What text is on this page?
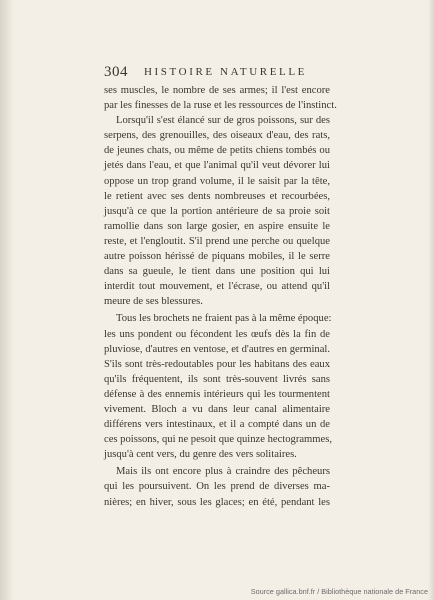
304 HISTOIRE NATURELLE
ses muscles, le nombre de ses armes; il l'est encore
par les finesses de la ruse et les ressources de l'instinct.
Lorsqu'il s'est élancé sur de gros poissons, sur des
serpens, des grenouilles, des oiseaux d'eau, des rats,
de jeunes chats, ou même de petits chiens tombés ou
jetés dans l'eau, et que l'animal qu'il veut dévorer lui
oppose un trop grand volume, il le saisit par la tête,
le retient avec ses dents nombreuses et recourbées,
jusqu'à ce que la portion antérieure de sa proie soit
ramollie dans son large gosier, en aspire ensuite le
reste, et l'engloutit. S'il prend une perche ou quelque
autre poisson hérissé de piquans mobiles, il le serre
dans sa gueule, le tient dans une position qui lui
interdit tout mouvement, et l'écrase, ou attend qu'il
meure de ses blessures.
Tous les brochets ne fraient pas à la même époque:
les uns pondent ou fécondent les œufs dès la fin de
pluviose, d'autres en ventose, et d'autres en germinal.
S'ils sont très-redoutables pour les habitans des eaux
qu'ils fréquentent, ils sont très-souvent livrés sans
défense à des ennemis intérieurs qui les tourmentent
vivement. Bloch a vu dans leur canal alimentaire
différens vers intestinaux, et il a compté dans un de
ces poissons, qui ne pesoit que quinze hectogrammes,
jusqu'à cent vers, du genre des vers solitaires.
Mais ils ont encore plus à craindre des pêcheurs
qui les poursuivent. On les prend de diverses ma-
nières; en hiver, sous les glaces; en été, pendant les
Source gallica.bnf.fr / Bibliothèque nationale de France
